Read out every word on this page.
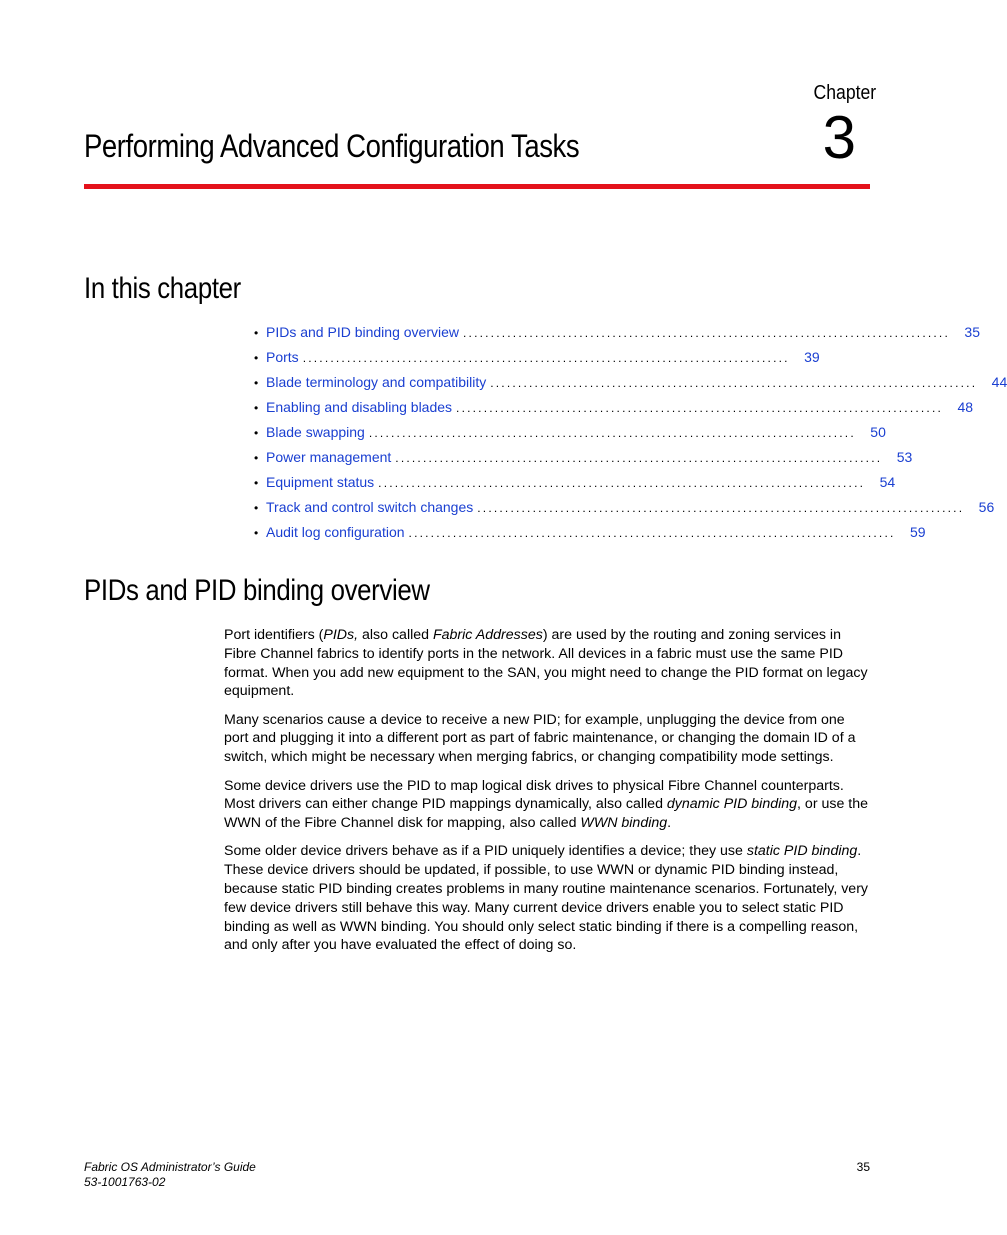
Chapter
3
Performing Advanced Configuration Tasks
In this chapter
• PIDs and PID binding overview ........................................................................................	35
• Ports ........................................................................................	39
• Blade terminology and compatibility ........................................................................................	44
• Enabling and disabling blades ........................................................................................	48
• Blade swapping ........................................................................................	50
• Power management ........................................................................................	53
• Equipment status ........................................................................................	54
• Track and control switch changes ........................................................................................	56
• Audit log configuration ........................................................................................	59
PIDs and PID binding overview

Port identifiers (PIDs, also called Fabric Addresses) are used by the routing and zoning services in Fibre Channel fabrics to identify ports in the network. All devices in a fabric must use the same PID format. When you add new equipment to the SAN, you might need to change the PID format on legacy equipment.

Many scenarios cause a device to receive a new PID; for example, unplugging the device from one port and plugging it into a different port as part of fabric maintenance, or changing the domain ID of a switch, which might be necessary when merging fabrics, or changing compatibility mode settings.

Some device drivers use the PID to map logical disk drives to physical Fibre Channel counterparts. Most drivers can either change PID mappings dynamically, also called dynamic PID binding, or use the WWN of the Fibre Channel disk for mapping, also called WWN binding.

Some older device drivers behave as if a PID uniquely identifies a device; they use static PID binding. These device drivers should be updated, if possible, to use WWN or dynamic PID binding instead, because static PID binding creates problems in many routine maintenance scenarios. Fortunately, very few device drivers still behave this way. Many current device drivers enable you to select static PID binding as well as WWN binding. You should only select static binding if there is a compelling reason, and only after you have evaluated the effect of doing so.

Fabric OS Administrator’s Guide
53-1001763-02
35
